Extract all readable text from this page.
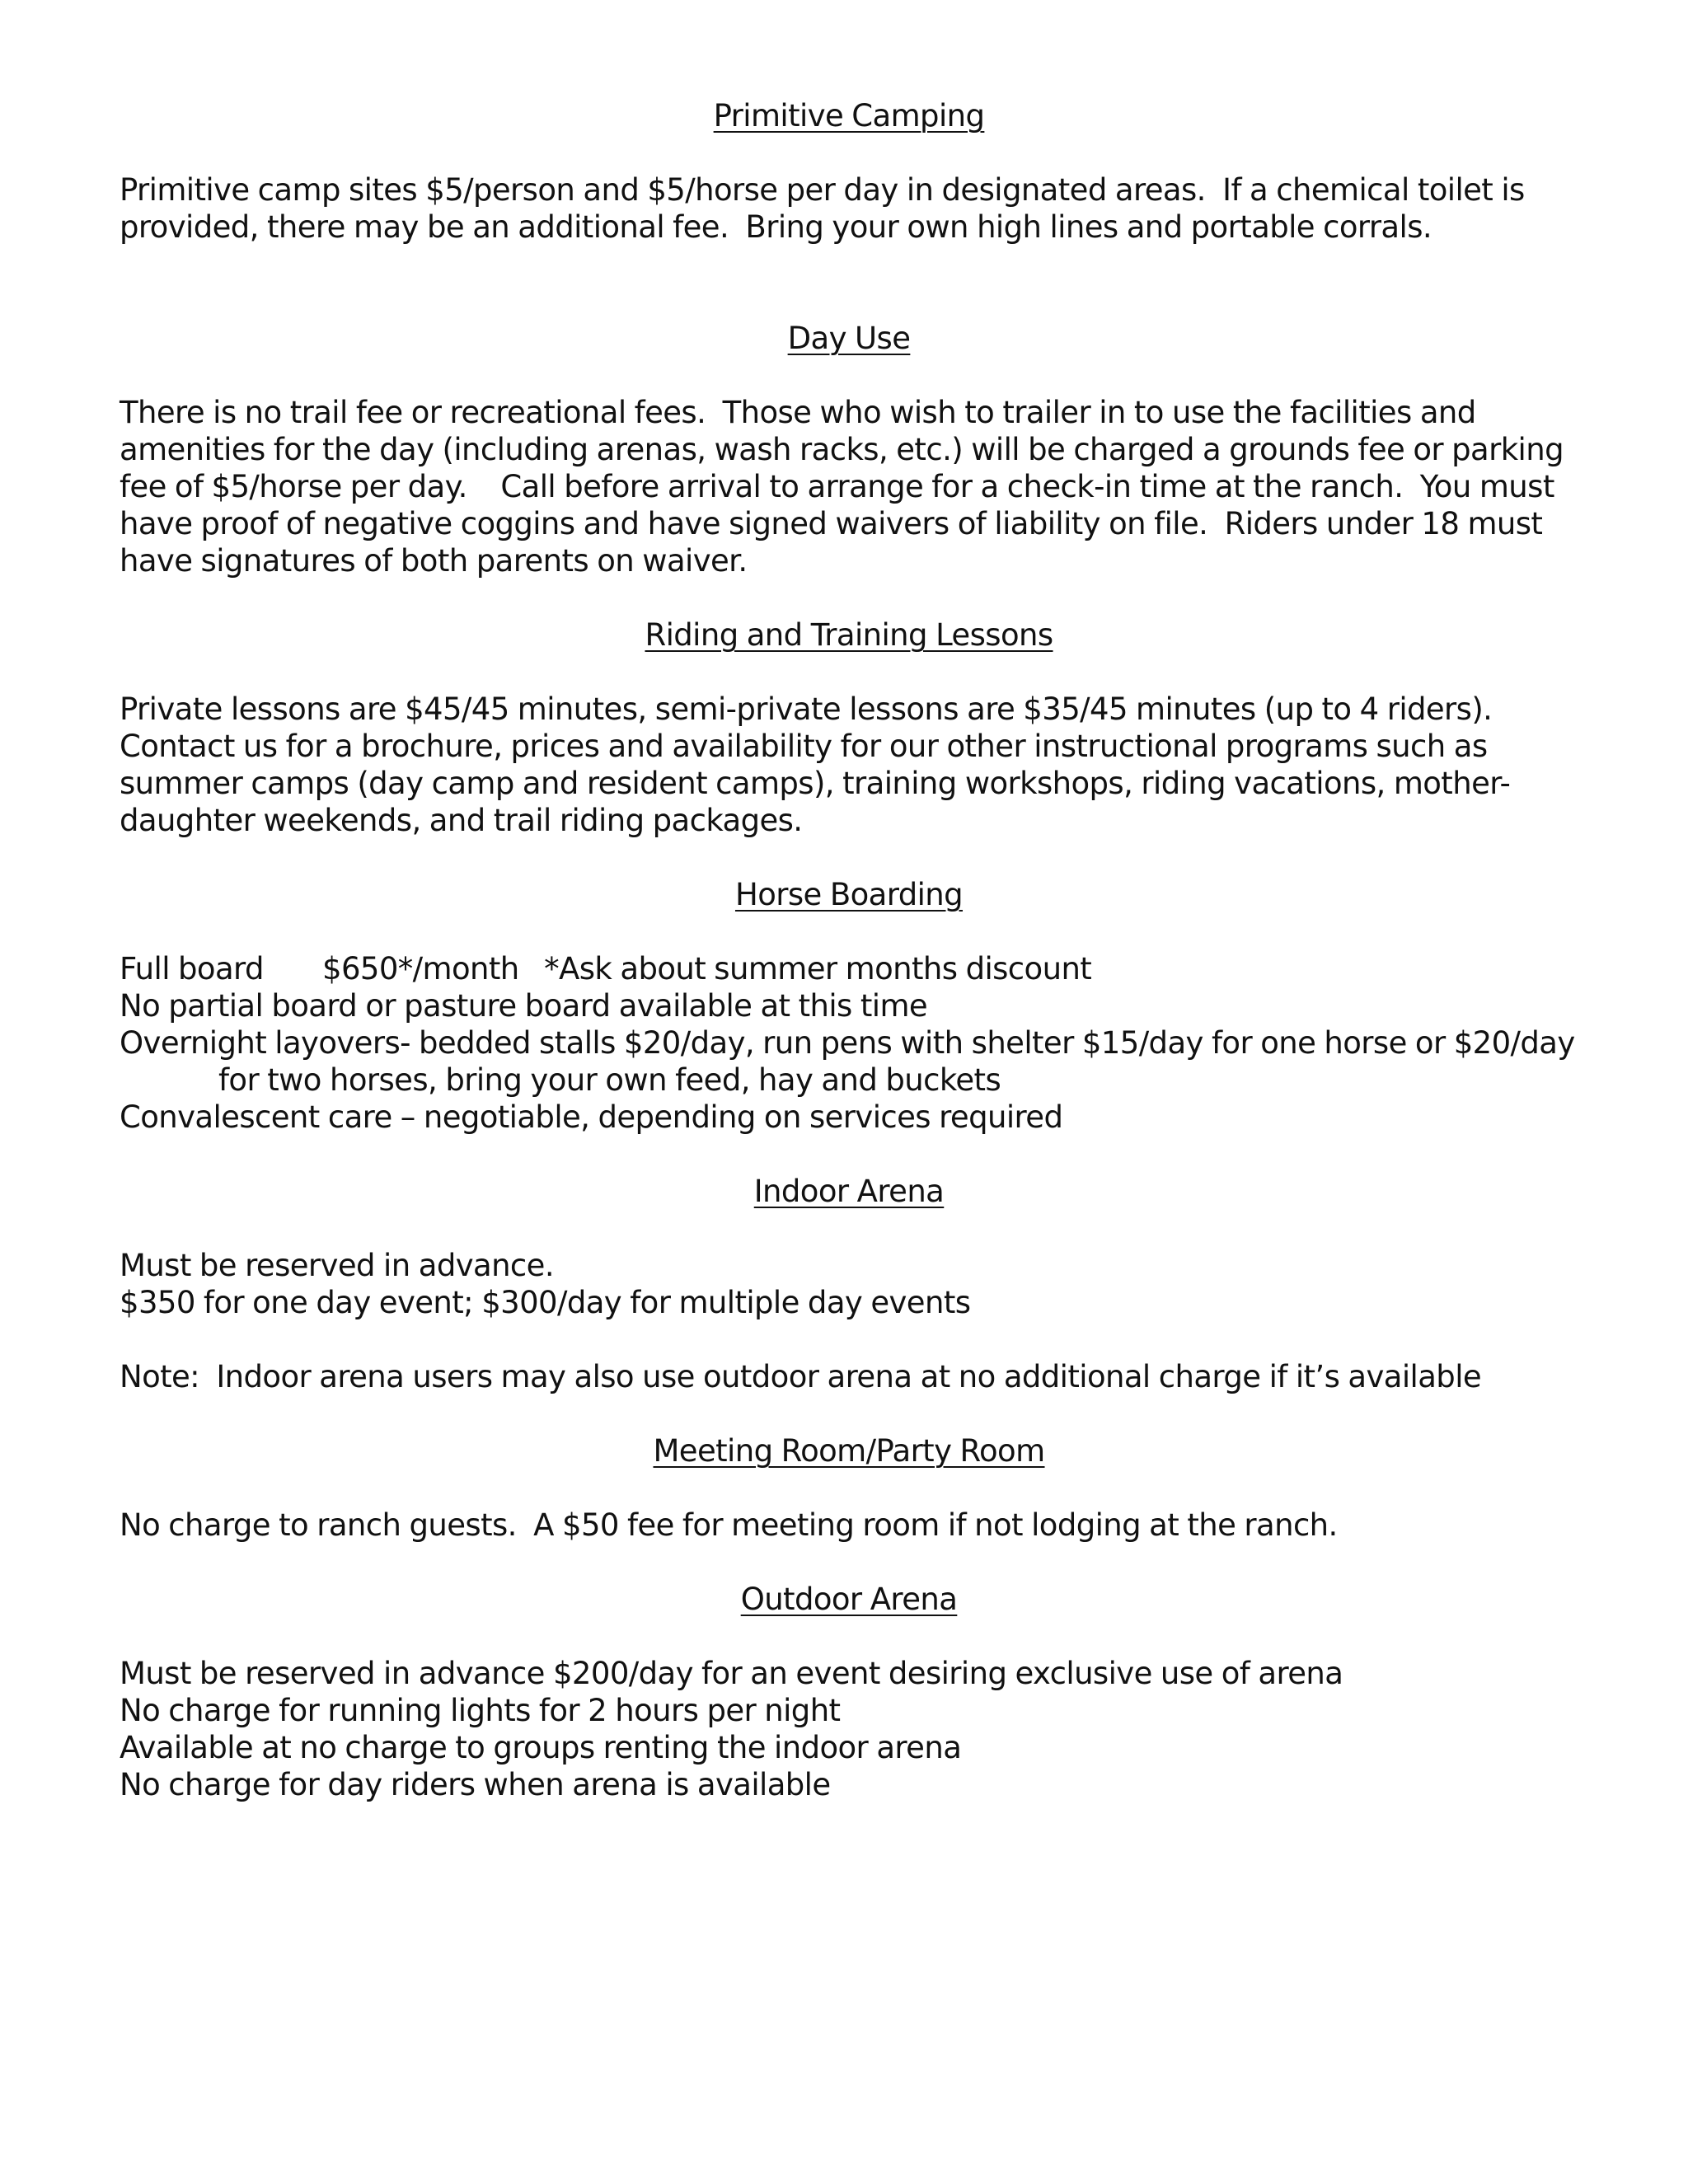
Primitive Camping
Primitive camp sites $5/person and $5/horse per day in designated areas.  If a chemical toilet is
provided, there may be an additional fee.  Bring your own high lines and portable corrals.
Day Use
There is no trail fee or recreational fees.  Those who wish to trailer in to use the facilities and
amenities for the day (including arenas, wash racks, etc.) will be charged a grounds fee or parking
fee of $5/horse per day.    Call before arrival to arrange for a check-in time at the ranch.  You must
have proof of negative coggins and have signed waivers of liability on file.  Riders under 18 must
have signatures of both parents on waiver.
Riding and Training Lessons
Private lessons are $45/45 minutes, semi-private lessons are $35/45 minutes (up to 4 riders).
Contact us for a brochure, prices and availability for our other instructional programs such as
summer camps (day camp and resident camps), training workshops, riding vacations, mother-
daughter weekends, and trail riding packages.
Horse Boarding
Full board       $650*/month   *Ask about summer months discount
No partial board or pasture board available at this time
Overnight layovers- bedded stalls $20/day, run pens with shelter $15/day for one horse or $20/day
for two horses, bring your own feed, hay and buckets
Convalescent care – negotiable, depending on services required
Indoor Arena
Must be reserved in advance.
$350 for one day event; $300/day for multiple day events
Note:  Indoor arena users may also use outdoor arena at no additional charge if it’s available
Meeting Room/Party Room
No charge to ranch guests.  A $50 fee for meeting room if not lodging at the ranch.
Outdoor Arena
Must be reserved in advance $200/day for an event desiring exclusive use of arena
No charge for running lights for 2 hours per night
Available at no charge to groups renting the indoor arena
No charge for day riders when arena is available
